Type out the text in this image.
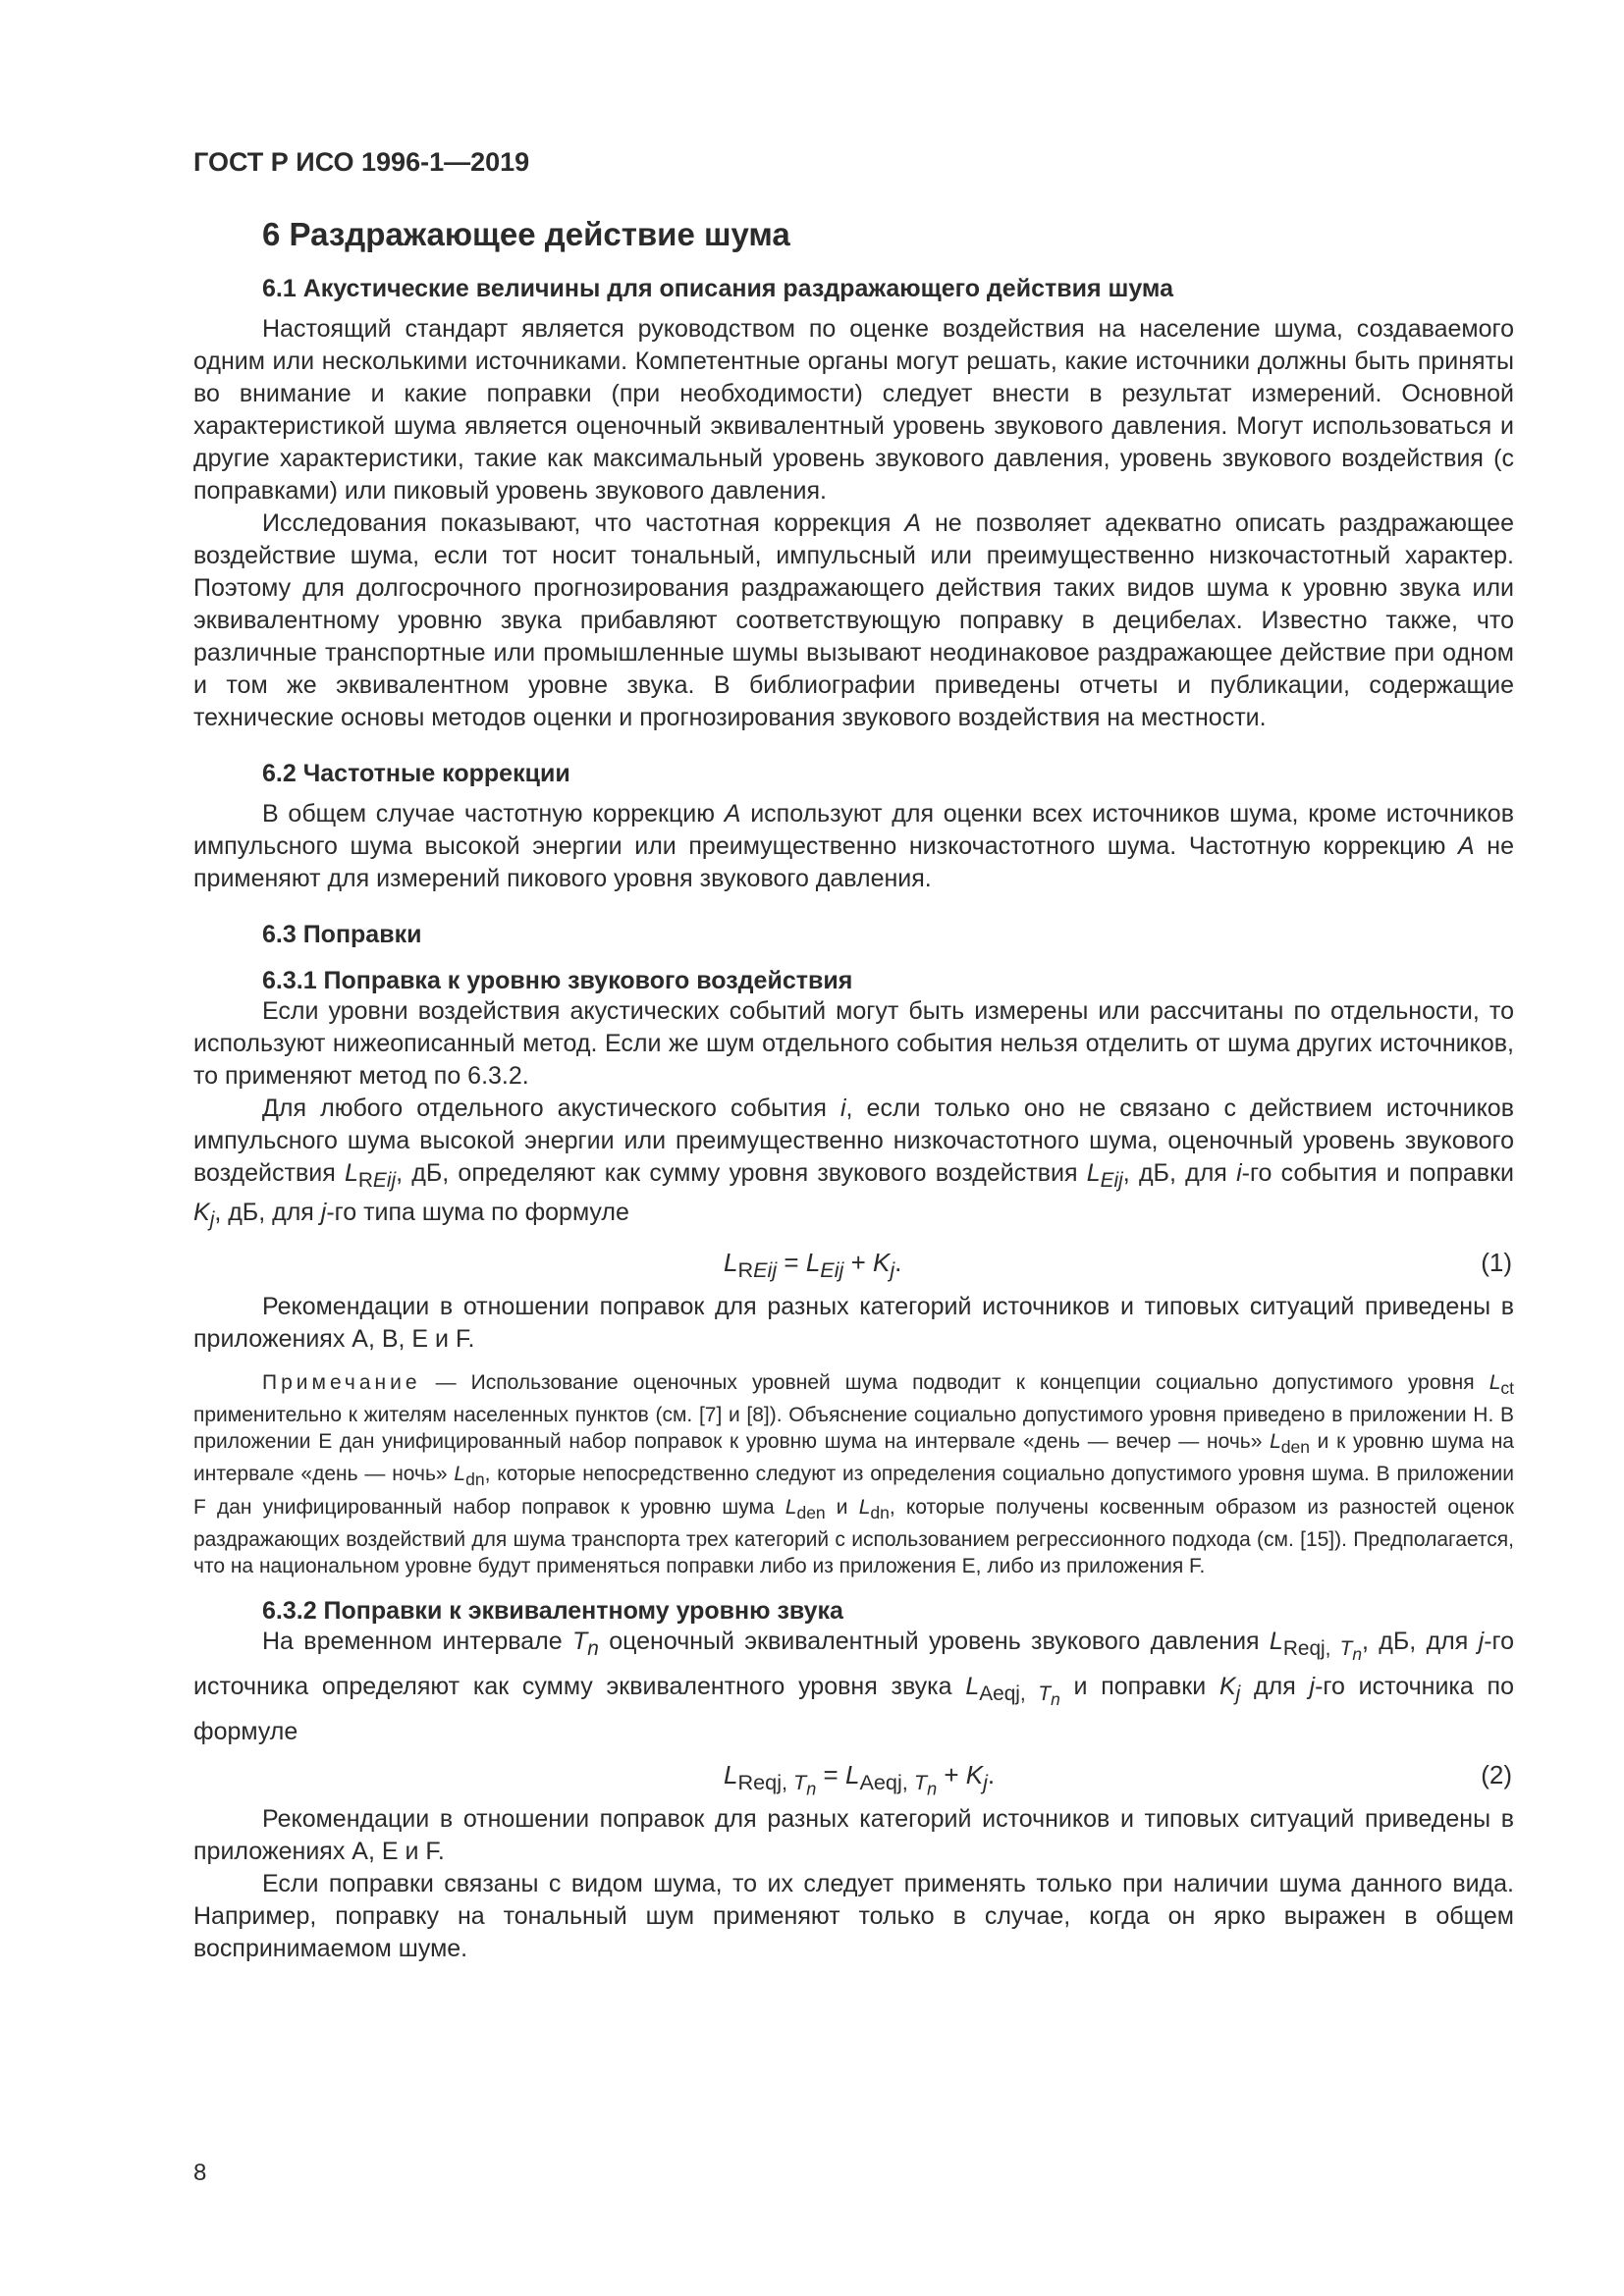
ГОСТ Р ИСО 1996-1—2019
6 Раздражающее действие шума
6.1 Акустические величины для описания раздражающего действия шума

Настоящий стандарт является руководством по оценке воздействия на население шума, создаваемого одним или несколькими источниками. Компетентные органы могут решать, какие источники должны быть приняты во внимание и какие поправки (при необходимости) следует внести в результат измерений. Основной характеристикой шума является оценочный эквивалентный уровень звукового давления. Могут использоваться и другие характеристики, такие как максимальный уровень звукового давления, уровень звукового воздействия (с поправками) или пиковый уровень звукового давления.

Исследования показывают, что частотная коррекция A не позволяет адекватно описать раздражающее воздействие шума, если тот носит тональный, импульсный или преимущественно низкочастотный характер. Поэтому для долгосрочного прогнозирования раздражающего действия таких видов шума к уровню звука или эквивалентному уровню звука прибавляют соответствующую поправку в децибелах. Известно также, что различные транспортные или промышленные шумы вызывают неодинаковое раздражающее действие при одном и том же эквивалентном уровне звука. В библиографии приведены отчеты и публикации, содержащие технические основы методов оценки и прогнозирования звукового воздействия на местности.

6.2 Частотные коррекции

В общем случае частотную коррекцию A используют для оценки всех источников шума, кроме источников импульсного шума высокой энергии или преимущественно низкочастотного шума. Частотную коррекцию A не применяют для измерений пикового уровня звукового давления.

6.3 Поправки
6.3.1 Поправка к уровню звукового воздействия

Если уровни воздействия акустических событий могут быть измерены или рассчитаны по отдельности, то используют нижеописанный метод. Если же шум отдельного события нельзя отделить от шума других источников, то применяют метод по 6.3.2.

Для любого отдельного акустического события i, если только оно не связано с действием источников импульсного шума высокой энергии или преимущественно низкочастотного шума, оценочный уровень звукового воздействия $L_{REij}$, дБ, определяют как сумму уровня звукового воздействия $L_{Eij}$, дБ, для i-го события и поправки $K_j$, дБ, для j-го типа шума по формуле

$L_{REij} = L_{Eij} + K_j$.	(1)

Рекомендации в отношении поправок для разных категорий источников и типовых ситуаций приведены в приложениях А, В, Е и F.

Примечание — Использование оценочных уровней шума подводит к концепции социально допустимого уровня $L_{ct}$ применительно к жителям населенных пунктов (см. [7] и [8]). Объяснение социально допустимого уровня приведено в приложении Н. В приложении Е дан унифицированный набор поправок к уровню шума на интервале «день — вечер — ночь» $L_{den}$ и к уровню шума на интервале «день — ночь» $L_{dn}$, которые непосредственно следуют из определения социально допустимого уровня шума. В приложении F дан унифицированный набор поправок к уровню шума $L_{den}$ и $L_{dn}$, которые получены косвенным образом из разностей оценок раздражающих воздействий для шума транспорта трех категорий с использованием регрессионного подхода (см. [15]). Предполагается, что на национальном уровне будут применяться поправки либо из приложения Е, либо из приложения F.

6.3.2 Поправки к эквивалентному уровню звука

На временном интервале $T_n$ оценочный эквивалентный уровень звукового давления $L_{Reqj, T_n}$, дБ, для j-го источника определяют как сумму эквивалентного уровня звука $L_{Aeqj, T_n}$ и поправки $K_j$ для j-го источника по формуле

$L_{Reqj, T_n} = L_{Aeqj, T_n} + K_j$.	(2)

Рекомендации в отношении поправок для разных категорий источников и типовых ситуаций приведены в приложениях А, Е и F.

Если поправки связаны с видом шума, то их следует применять только при наличии шума данного вида. Например, поправку на тональный шум применяют только в случае, когда он ярко выражен в общем воспринимаемом шуме.

8
